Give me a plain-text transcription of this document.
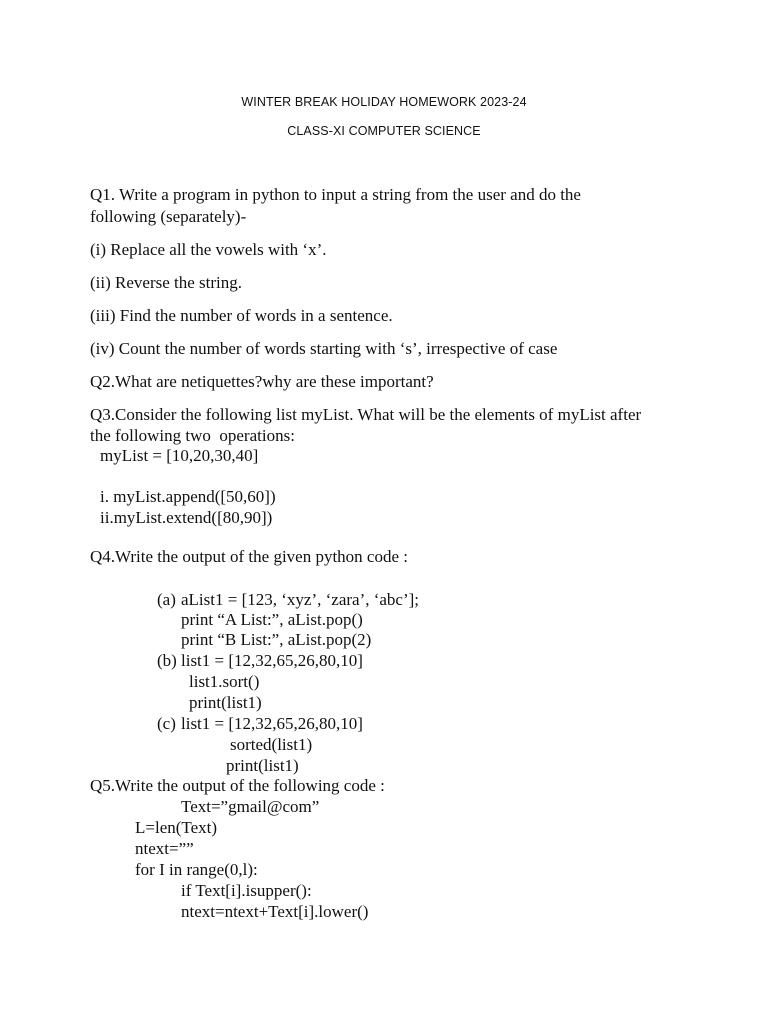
WINTER BREAK HOLIDAY HOMEWORK 2023-24
CLASS-XI COMPUTER SCIENCE
Q1. Write a program in python to input a string from the user and do the
following (separately)-
(i) Replace all the vowels with ‘x’.
(ii) Reverse the string.
(iii) Find the number of words in a sentence.
(iv) Count the number of words starting with ‘s’, irrespective of case
Q2.What are netiquettes?why are these important?
Q3.Consider the following list myList. What will be the elements of myList after
the following two  operations:
myList = [10,20,30,40]
i. myList.append([50,60])
ii.myList.extend([80,90])
Q4.Write the output of the given python code :
(a) aList1 = [123, ‘xyz’, ‘zara’, ‘abc’];
print “A List:”, aList.pop()
print “B List:”, aList.pop(2)
(b) list1 = [12,32,65,26,80,10]
list1.sort()
print(list1)
(c) list1 = [12,32,65,26,80,10]
sorted(list1)
print(list1)
Q5.Write the output of the following code :
Text=”gmail@com”
L=len(Text)
ntext=””
for I in range(0,l):
if Text[i].isupper():
ntext=ntext+Text[i].lower()
